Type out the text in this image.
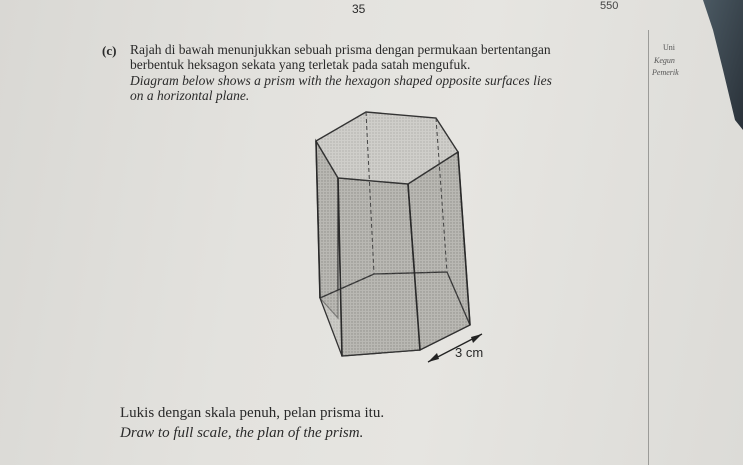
35	550
(c) Rajah di bawah menunjukkan sebuah prisma dengan permukaan bertentangan
berbentuk heksagon sekata yang terletak pada satah mengufuk.
Diagram below shows a prism with the hexagon shaped opposite surfaces lies
on a horizontal plane.
Uni
Kegun
Pemerik
3 cm
Lukis dengan skala penuh, pelan prisma itu.
Draw to full scale, the plan of the prism.
